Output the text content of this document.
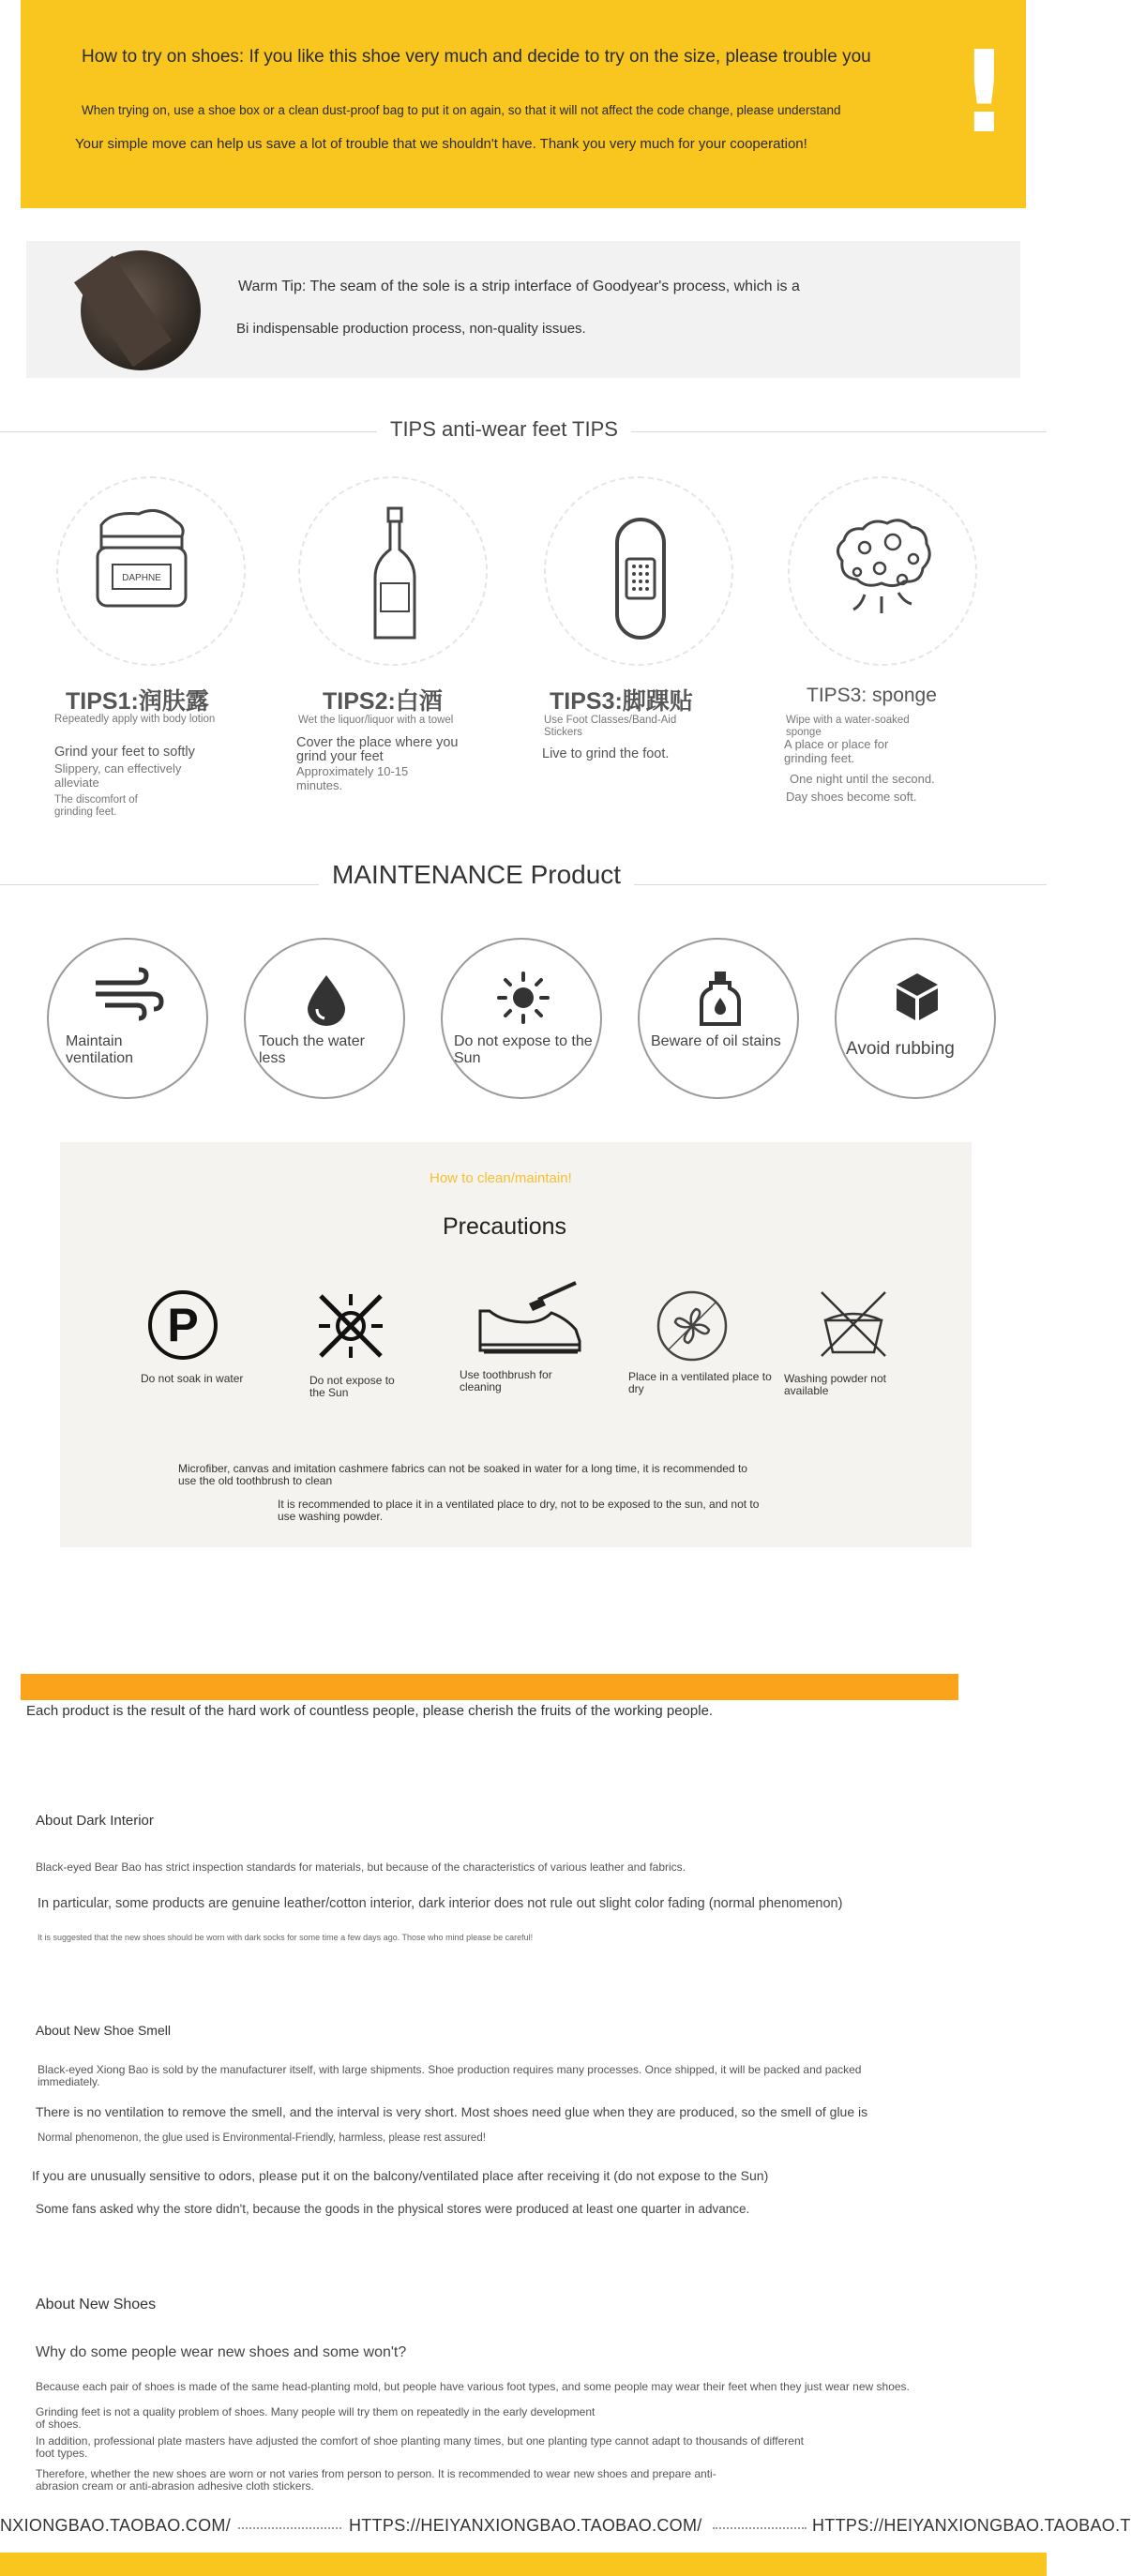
How to try on shoes: If you like this shoe very much and decide to try on the size, please trouble you
When trying on, use a shoe box or a clean dust-proof bag to put it on again, so that it will not affect the code change, please understand
Your simple move can help us save a lot of trouble that we shouldn't have. Thank you very much for your cooperation! !
Warm Tip: The seam of the sole is a strip interface of Goodyear's process, which is a
Bi indispensable production process, non-quality issues.
TIPS anti-wear feet TIPS
DAPHNE
TIPS1:润肤露
Repeatedly apply with body lotion
Grind your feet to softly
Slippery, can effectively alleviate
The discomfort of grinding feet.
TIPS2:白酒
Wet the liquor/liquor with a towel
Cover the place where you grind your feet
Approximately 10-15 minutes.
TIPS3:脚踝贴
Use Foot Classes/Band-Aid Stickers
Live to grind the foot.
TIPS3: sponge
Wipe with a water-soaked sponge
A place or place for grinding feet.
One night until the second.
Day shoes become soft.
MAINTENANCE Product
Maintain ventilation
Touch the water less
Do not expose to the Sun
Beware of oil stains	Avoid rubbing
How to clean/maintain!
Precautions
P
Do not soak in water	Do not expose to the Sun
Use toothbrush for cleaning
Place in a ventilated place to dry
Washing powder not available
Microfiber, canvas and imitation cashmere fabrics can not be soaked in water for a long time, it is recommended to use the old toothbrush to clean
It is recommended to place it in a ventilated place to dry, not to be exposed to the sun, and not to use washing powder.
Each product is the result of the hard work of countless people, please cherish the fruits of the working people.
About Dark Interior
Black-eyed Bear Bao has strict inspection standards for materials, but because of the characteristics of various leather and fabrics.
In particular, some products are genuine leather/cotton interior, dark interior does not rule out slight color fading (normal phenomenon)
It is suggested that the new shoes should be worn with dark socks for some time a few days ago. Those who mind please be careful!
About New Shoe Smell
Black-eyed Xiong Bao is sold by the manufacturer itself, with large shipments. Shoe production requires many processes. Once shipped, it will be packed and packed immediately.
There is no ventilation to remove the smell, and the interval is very short. Most shoes need glue when they are produced, so the smell of glue is
Normal phenomenon, the glue used is Environmental-Friendly, harmless, please rest assured!
If you are unusually sensitive to odors, please put it on the balcony/ventilated place after receiving it (do not expose to the Sun)
Some fans asked why the store didn't, because the goods in the physical stores were produced at least one quarter in advance.
About New Shoes
Why do some people wear new shoes and some won't?
Because each pair of shoes is made of the same head-planting mold, but people have various foot types, and some people may wear their feet when they just wear new shoes.
Grinding feet is not a quality problem of shoes. Many people will try them on repeatedly in the early development of shoes.
In addition, professional plate masters have adjusted the comfort of shoe planting many times, but one planting type cannot adapt to thousands of different foot types.
Therefore, whether the new shoes are worn or not varies from person to person. It is recommended to wear new shoes and prepare anti-abrasion cream or anti-abrasion adhesive cloth stickers.
NXIONGBAO.TAOBAO.COM/	HTTPS://HEIYANXIONGBAO.TAOBAO.COM/	HTTPS://HEIYANXIONGBAO.TAOBAO.T
